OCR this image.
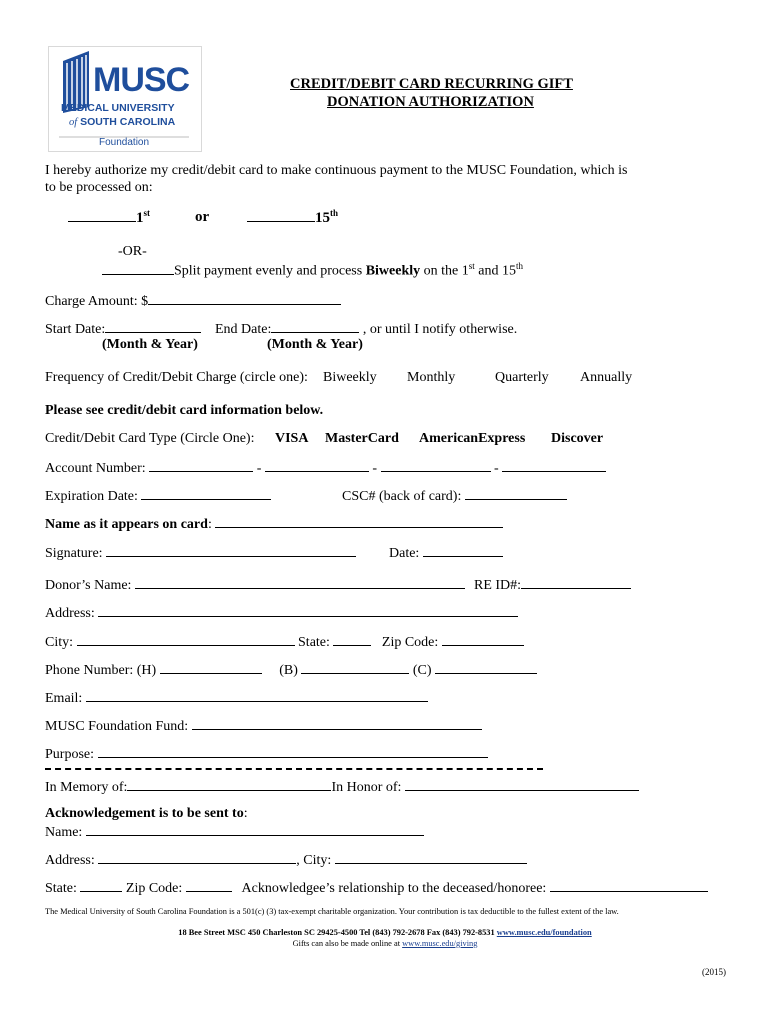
MUSC
MEDICAL UNIVERSITY
of SOUTH CAROLINA
Foundation
CREDIT/DEBIT CARD RECURRING GIFT
DONATION AUTHORIZATION
I hereby authorize my credit/debit card to make continuous payment to the MUSC Foundation, which is
to be processed on:
1st	or	15th
-OR-
Split payment evenly and process Biweekly on the 1st and 15th
Charge Amount: $
Start Date:	End Date:	, or until I notify otherwise.
(Month & Year)	(Month & Year)
Frequency of Credit/Debit Charge (circle one): Biweekly Monthly	Quarterly Annually
Please see credit/debit card information below.
Credit/Debit Card Type (Circle One): VISA MasterCard AmericanExpress Discover
Account Number:	-	-	-
Expiration Date:	CSC# (back of card):
Name as it appears on card:
Signature:	Date:
Donor’s Name:	RE ID#:
Address:
City:	State:	Zip Code:
Phone Number: (H)	(B)	(C)
Email:
MUSC Foundation Fund:
Purpose:
In Memory of:	In Honor of:
Acknowledgement is to be sent to:
Name:
Address:	, City:
State:	Zip Code:	Acknowledgee’s relationship to the deceased/honoree:
The Medical University of South Carolina Foundation is a 501(c) (3) tax-exempt charitable organization. Your contribution is tax deductible to the fullest extent of the law.
18 Bee Street MSC 450 Charleston SC 29425-4500 Tel (843) 792-2678 Fax (843) 792-8531 www.musc.edu/foundation
Gifts can also be made online at www.musc.edu/giving
(2015)
